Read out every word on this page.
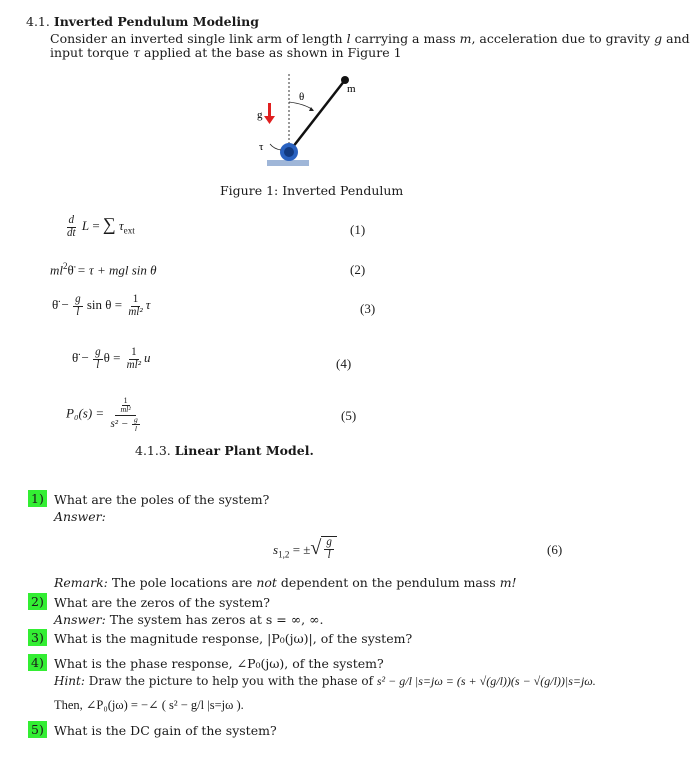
4.1. Inverted Pendulum Modeling
Consider an inverted single link arm of length l carrying a mass m, acceleration due to gravity g and
input torque τ applied at the base as shown in Figure 1
m
θ
g
τ
Figure 1: Inverted Pendulum
$\frac{d}{dt}$ L = ∑ $\tau_{ext}$	(1)
$ml^2\thetä = \tau$ + mgl sin θ	(2)
θ̈ − $\frac{g}{l}$ $\sin \theta = \frac{1}{\text{ml²}}$ τ	(3)
θ̈ − $\frac{g}{l}$ $\theta = \frac{1}{\text{ml²}}$ u	(4)
$P_0(s) = \frac{\frac{1}{\text{ml²}}}{s^2 - \frac{g}{l}}$	(5)
4.1.3. Linear Plant Model.
1) What are the poles of the system?
Answer:
$s_{1,2}$ = ± √ $\frac{g}{l}$	(6)
Remark: The pole locations are not dependent on the pendulum mass m!
2) What are the zeros of the system?
Answer: The system has zeros at s = ∞, ∞.
3) What is the magnitude response, |P₀(jω)|, of the system?
4) What is the phase response, ∠P₀(jω), of the system?
Hint: Draw the picture to help you with the phase of s² − g/l |s=jω = (s + √(g/l))(s − √(g/l))|s=jω.
Then, ∠P₀(jω) = −∠ ( s² − g/l |s=jω ).
5) What is the DC gain of the system?
